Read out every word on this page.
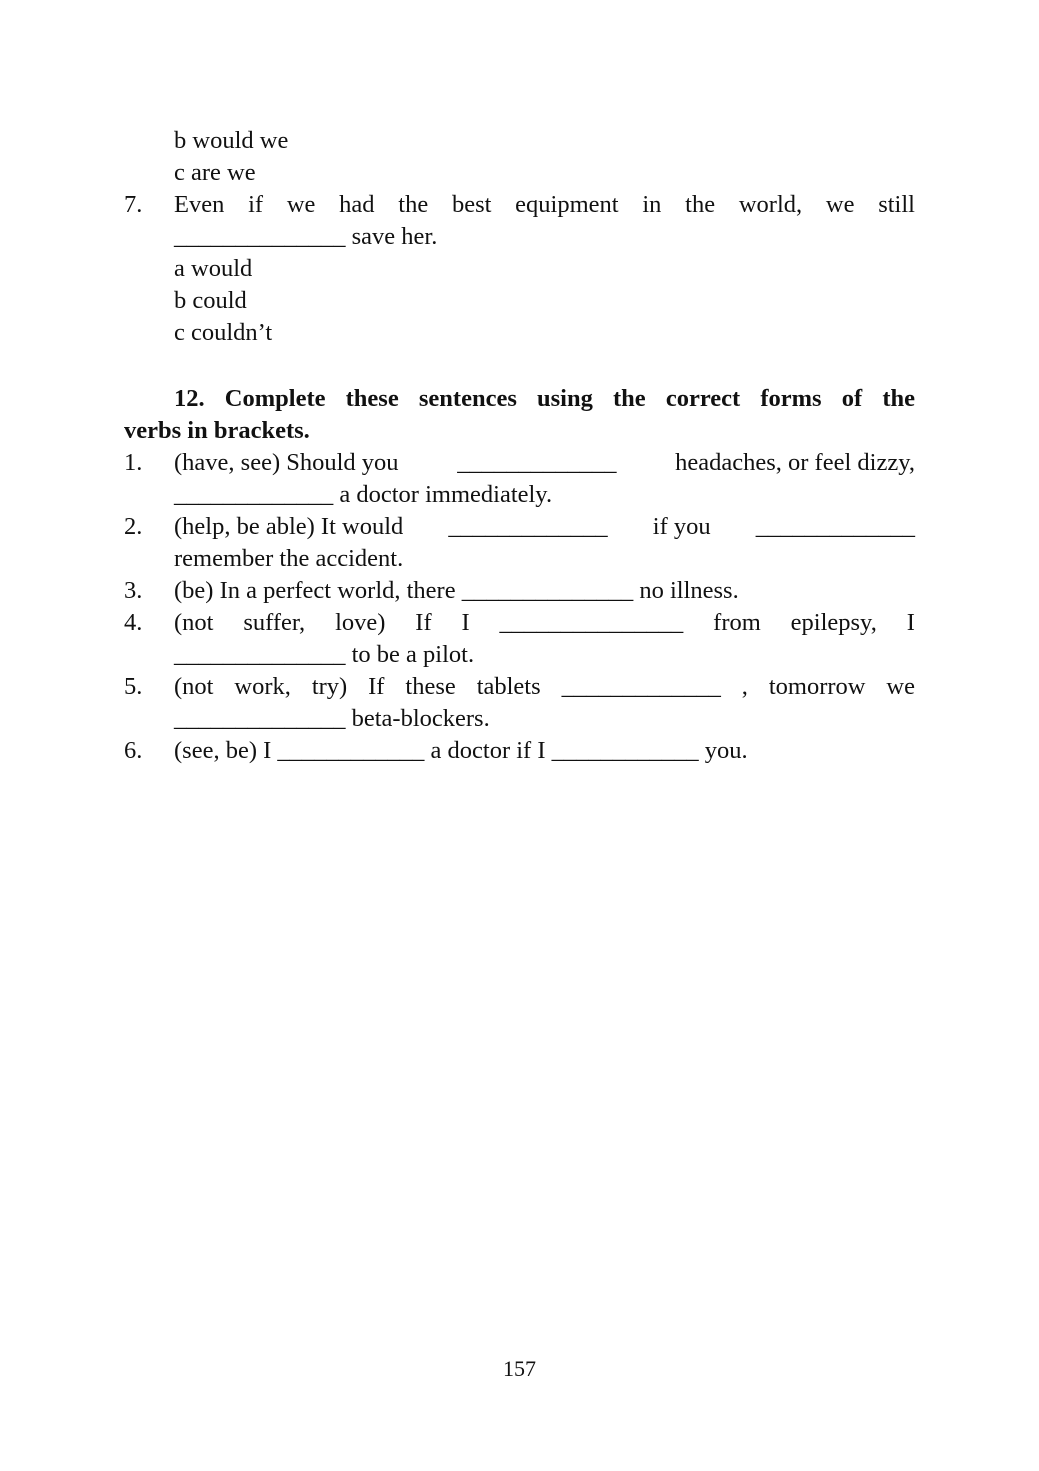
b would we
c are we
7. Even if we had the best equipment in the world, we still
______________ save her.
a would
b could
c couldn’t
12. Complete these sentences using the correct forms of the
verbs in brackets.
1. (have, see) Should you _____________ headaches, or feel dizzy,
_____________ a doctor immediately.
2. (help, be able) It would _____________ if you _____________
remember the accident.
3. (be) In a perfect world, there ______________ no illness.
4. (not suffer, love) If I _______________ from epilepsy, I
______________ to be a pilot.
5. (not work, try) If these tablets _____________ , tomorrow we
______________ beta-blockers.
6. (see, be) I ____________ a doctor if I ____________ you.
157
